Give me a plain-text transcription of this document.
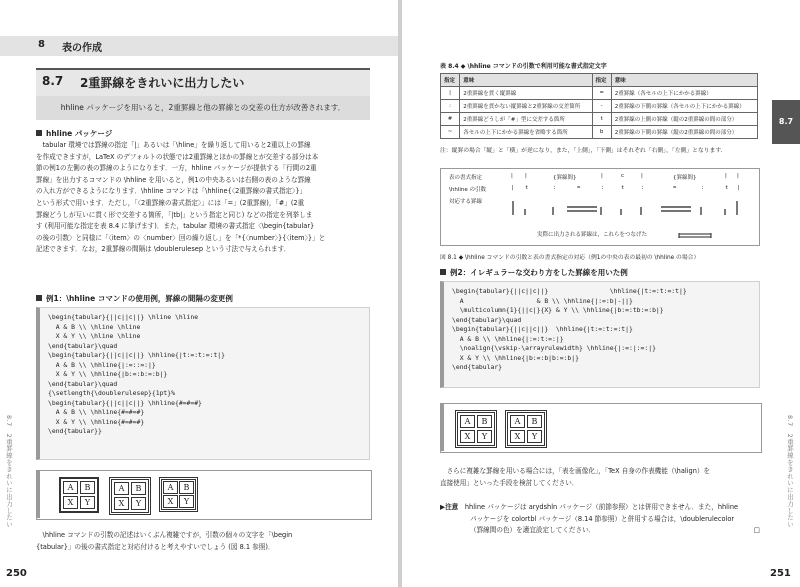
8 表の作成
8.7 2重罫線をきれいに出力したい
hhline パッケージを用いると，2重罫線と他の罫線との交差の仕方が改善されます．
hhline パッケージ
　tabular 環境では罫線の指定「|」あるいは「\hline」を繰り返して用いると2重以上の罫線
を作成できますが，LaTeX のデフォルトの状態では2重罫線とほかの罫線とが交差する部分は本
節の例1の左側の表の罫線のようになります．一方，hhline パッケージが提供する「行間の2重
罫線」を出力するコマンドの \hhline を用いると，例1の中央あるいは右側の表のような罫線
の入れ方ができるようになります．\hhline コマンドは「\hhline{〈2重罫線の書式指定〉}」
という形式で用います．ただし，「〈2重罫線の書式指定〉」には「=」(2重罫線)，「#」(2重
罫線どうしが互いに貫く形で交差する箇所，「|tb|」という指定と同じ) などの指定を列挙しま
す (利用可能な指定を表 8.4 に挙げます)．また，tabular 環境の書式指定〈\begin{tabular}
の後の引数〉と同様に「〈item〉の〈number〉回の繰り返し」を「*{〈number〉}{〈item〉}」と
記述できます．なお，2重罫線の間隔は \doublerulesep という寸法で与えられます．
例1：\hhline コマンドの使用例，罫線の間隔の変更例
\begin{tabular}{||c||c||} \hline \hline
A & B \\ \hline \hline
X & Y \\ \hline \hline
\end{tabular}\quad
\begin{tabular}{||c||c||} \hhline{|t:=:t:=:t|}
A & B \\ \hhline{|:=::=:|}
X & Y \\ \hhline{|b:=:b:=:b|}
\end{tabular}\quad
{\setlength{\doublerulesep}{1pt}%
\begin{tabular}{||c||c||} \hhline{#=#=#}
A & B \\ \hhline{#=#=#}
X & Y \\ \hhline{#=#=#}
\end{tabular}}
A	B
X	Y
A	B
X	Y
A	B
X	Y
　\hhline コマンドの引数の記述はいくぶん複雑ですが，引数の個々の文字を「\begin
{tabular}」の後の書式指定と対応付けると考えやすいでしょう (図 8.1 参照)．
8.7　2重罫線をきれいに出力したい
250
表 8.4 ◆ \hhline コマンドの引数で利用可能な書式指定文字
指定	意味	指定	意味
|	2重罫線を貫く縦罫線	=	2重罫線（各セルの上下にかかる罫線）
:	2重罫線を貫かない縦罫線と2重罫線の交差箇所	-	2重罫線の下側の罫線（各セルの上下にかかる罫線）
#	2重罫線どうしが「#」型に交差する箇所	t	2重罫線の上側の罫線（縦の2重罫線の間の部分）
~	各セルの上下にかかる罫線を省略する箇所	b	2重罫線の下側の罫線（縦の2重罫線の間の部分）
注：縦罫の場合「縦」と「横」が逆になり，また，「上側」，「下側」はそれぞれ「右側」，「左側」となります．
表の書式指定
\hhline の引数
対応する罫線
| |	{罫線間}	|	c	|	{罫線間}	| |
| t	:	=	:	t	:	=	:	t |
実際に出力される罫線は，これらをつなげた
図 8.1 ◆ \hhline コマンドの引数と表の書式指定の対応（例1の中央の表の最初の \hhline の場合）
例2：イレギュラーな交わり方をした罫線を用いた例
\begin{tabular}{||c||c||}                \hhline{|t:=:t:=:t|}
A                   & B \\ \hhline{|:=:b|-||}
\multicolumn{1}{||c|}{X} & Y \\ \hhline{|b:=:tb:=:b|}
\end{tabular}\quad
\begin{tabular}{||c||c||}  \hhline{|t:=:t:=:t|}
A & B \\ \hhline{|:=:t:=:|}
\noalign{\vskip-\arrayrulewidth} \hhline{|:=:|:=:|}
X & Y \\ \hhline{|b:=:b|b:=:b|}
\end{tabular}
A	B
X	Y
A	B
X	Y
　さらに複雑な罫線を用いる場合には，「表を画像化」，「TeX 自身の作表機能（\halign）を
直接使用」といった手段を検討してください．
▶注意　 hhline パッケージは arydshln パッケージ（前節参照）とは併用できません．また，hhline
パッケージを colortbl パッケージ（8.14 節参照）と併用する場合は，\doublerulecolor
（罫線間の色）を適宜設定してください．	□
8.7　2重罫線をきれいに出力したい
251
8.7
